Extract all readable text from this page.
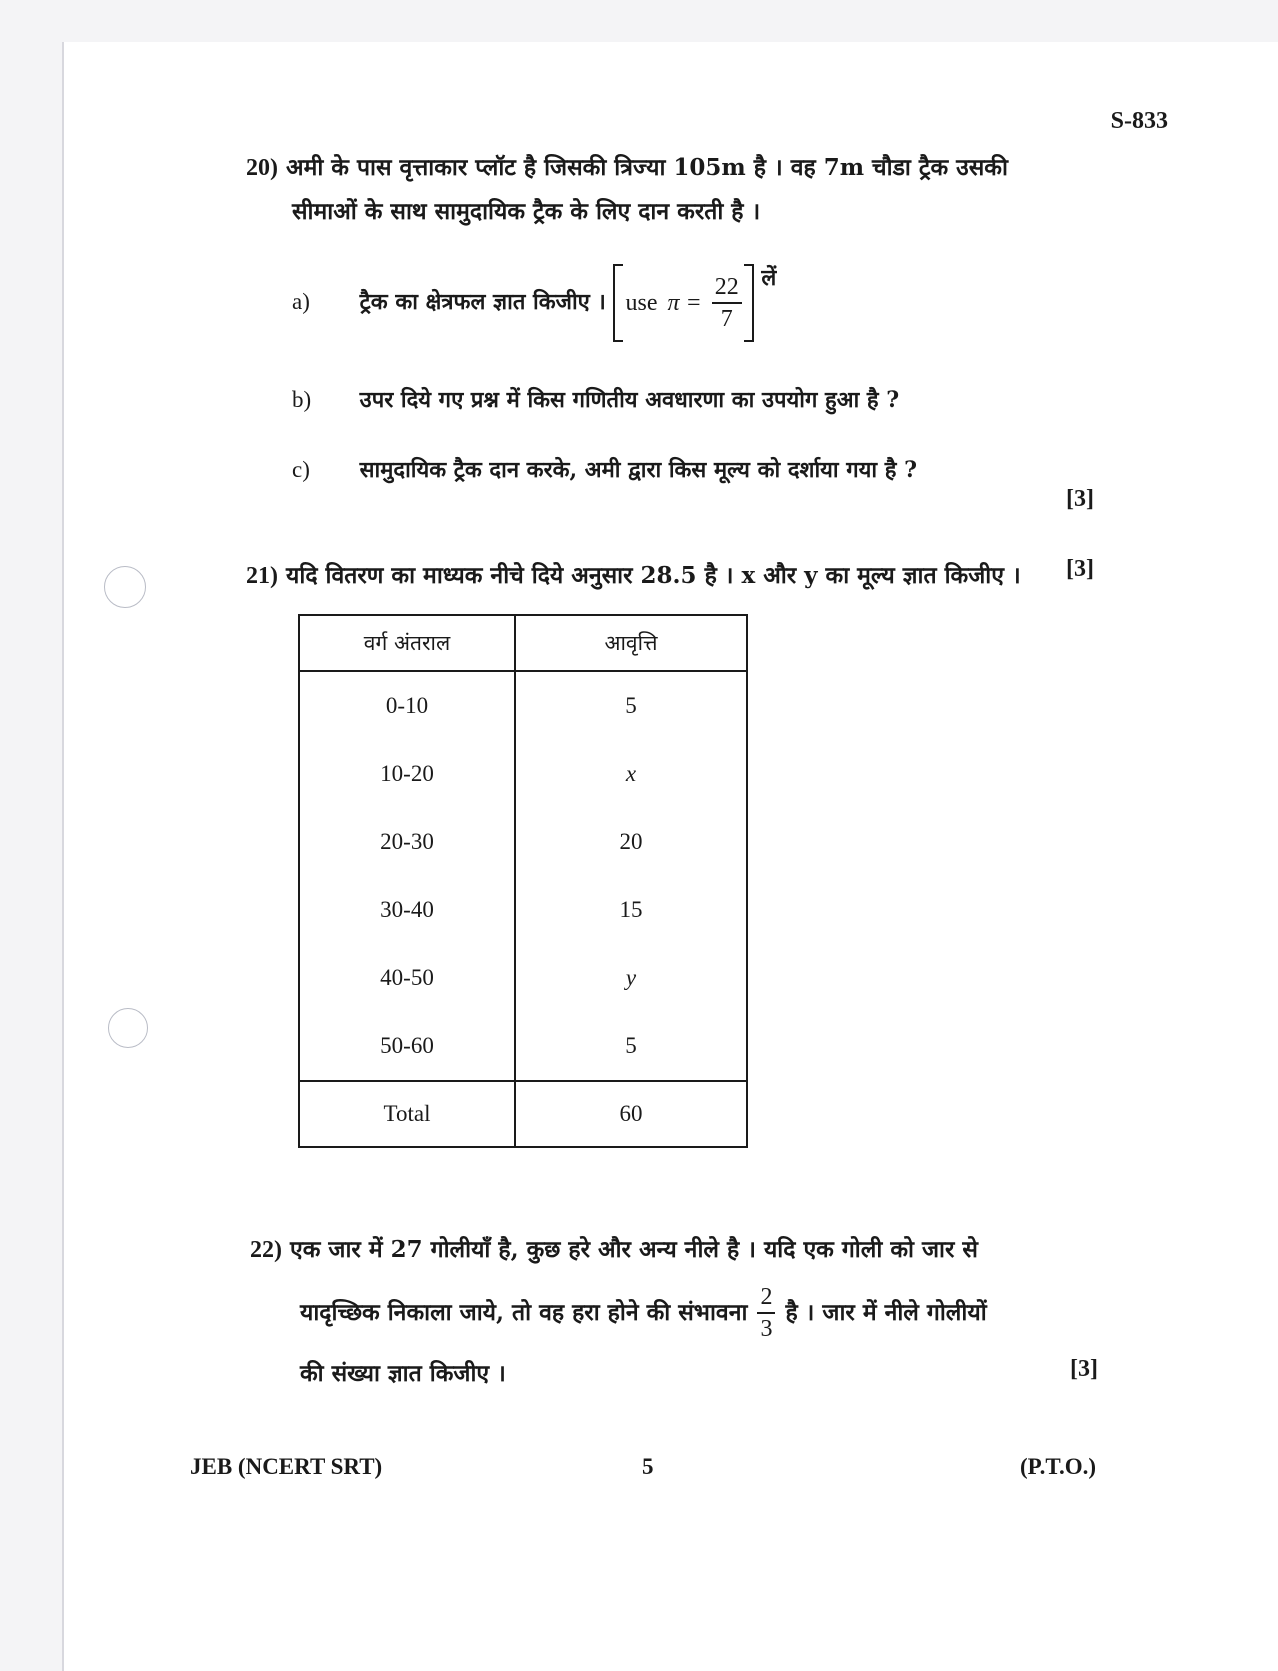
S-833
20) अमी के पास वृत्ताकार प्लॉट है जिसकी त्रिज्या 105m है । वह 7m चौडा ट्रैक उसकी
सीमाओं के साथ सामुदायिक ट्रैक के लिए दान करती है ।
a) ट्रैक का क्षेत्रफल ज्ञात किजीए । use $\pi = \frac{22}{7}$ लें
b) उपर दिये गए प्रश्न में किस गणितीय अवधारणा का उपयोग हुआ है ?
c) सामुदायिक ट्रैक दान करके, अमी द्वारा किस मूल्य को दर्शाया गया है ?
[3]
21) यदि वितरण का माध्यक नीचे दिये अनुसार 28.5 है । x और y का मूल्य ज्ञात किजीए । [3]
वर्ग अंतराल	आवृत्ति
0-10	5
10-20	x
20-30	20
30-40	15
40-50	y
50-60	5
Total	60
22) एक जार में 27 गोलीयाँ है, कुछ हरे और अन्य नीले है । यदि एक गोली को जार से
यादृच्छिक निकाला जाये, तो वह हरा होने की संभावना $\frac{2}{3}$ है । जार में नीले गोलीयों
की संख्या ज्ञात किजीए ।	[3]
JEB (NCERT SRT)	5	(P.T.O.)
